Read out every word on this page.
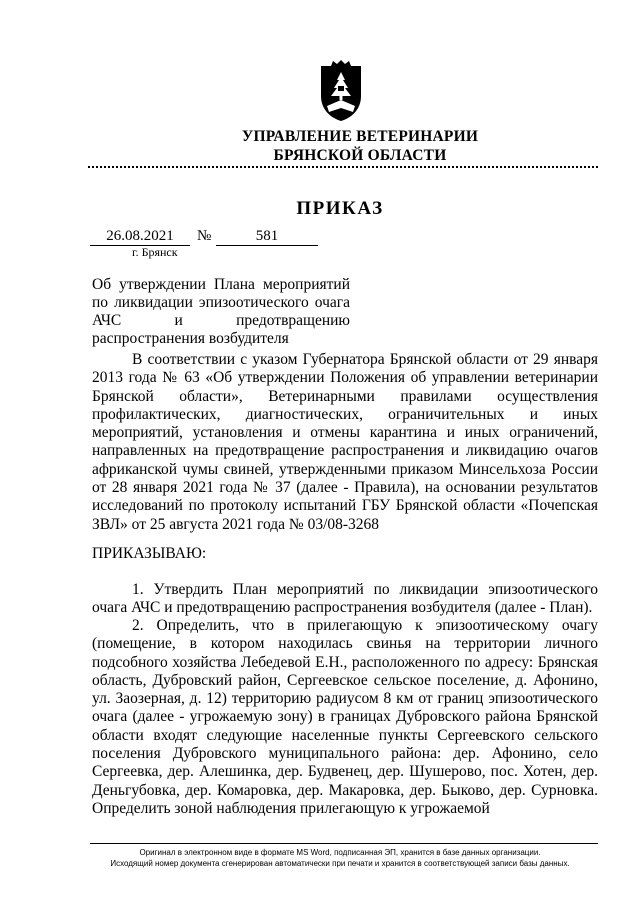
УПРАВЛЕНИЕ ВЕТЕРИНАРИИ
БРЯНСКОЙ ОБЛАСТИ
ПРИКАЗ
26.08.2021	№	581
г. Брянск
Об утверждении Плана мероприятий по ликвидации эпизоотического очага АЧС и предотвращению распространения возбудителя
В соответствии с указом Губернатора Брянской области от 29 января 2013 года № 63 «Об утверждении Положения об управлении ветеринарии Брянской области», Ветеринарными правилами осуществления профилактических, диагностических, ограничительных и иных мероприятий, установления и отмены карантина и иных ограничений, направленных на предотвращение распространения и ликвидацию очагов африканской чумы свиней, утвержденными приказом Минсельхоза России от 28 января 2021 года № 37 (далее - Правила), на основании результатов исследований по протоколу испытаний ГБУ Брянской области «Почепская ЗВЛ» от 25 августа 2021 года № 03/08-3268
ПРИКАЗЫВАЮ:
1. Утвердить План мероприятий по ликвидации эпизоотического очага АЧС и предотвращению распространения возбудителя (далее - План).
2. Определить, что в прилегающую к эпизоотическому очагу (помещение, в котором находилась свинья на территории личного подсобного хозяйства Лебедевой Е.Н., расположенного по адресу: Брянская область, Дубровский район, Сергеевское сельское поселение, д. Афонино, ул. Заозерная, д. 12) территорию радиусом 8 км от границ эпизоотического очага (далее - угрожаемую зону) в границах Дубровского района Брянской области входят следующие населенные пункты Сергеевского сельского поселения Дубровского муниципального района: дер. Афонино, село Сергеевка, дер. Алешинка, дер. Будвенец, дер. Шушерово, пос. Хотен, дер. Деньгубовка, дер. Комаровка, дер. Макаровка, дер. Быково, дер. Сурновка. Определить зоной наблюдения прилегающую к угрожаемой
Оригинал в электронном виде в формате MS Word, подписанная ЭП, хранится в базе данных организации.
Исходящий номер документа сгенерирован автоматически при печати и хранится в соответствующей записи базы данных.
